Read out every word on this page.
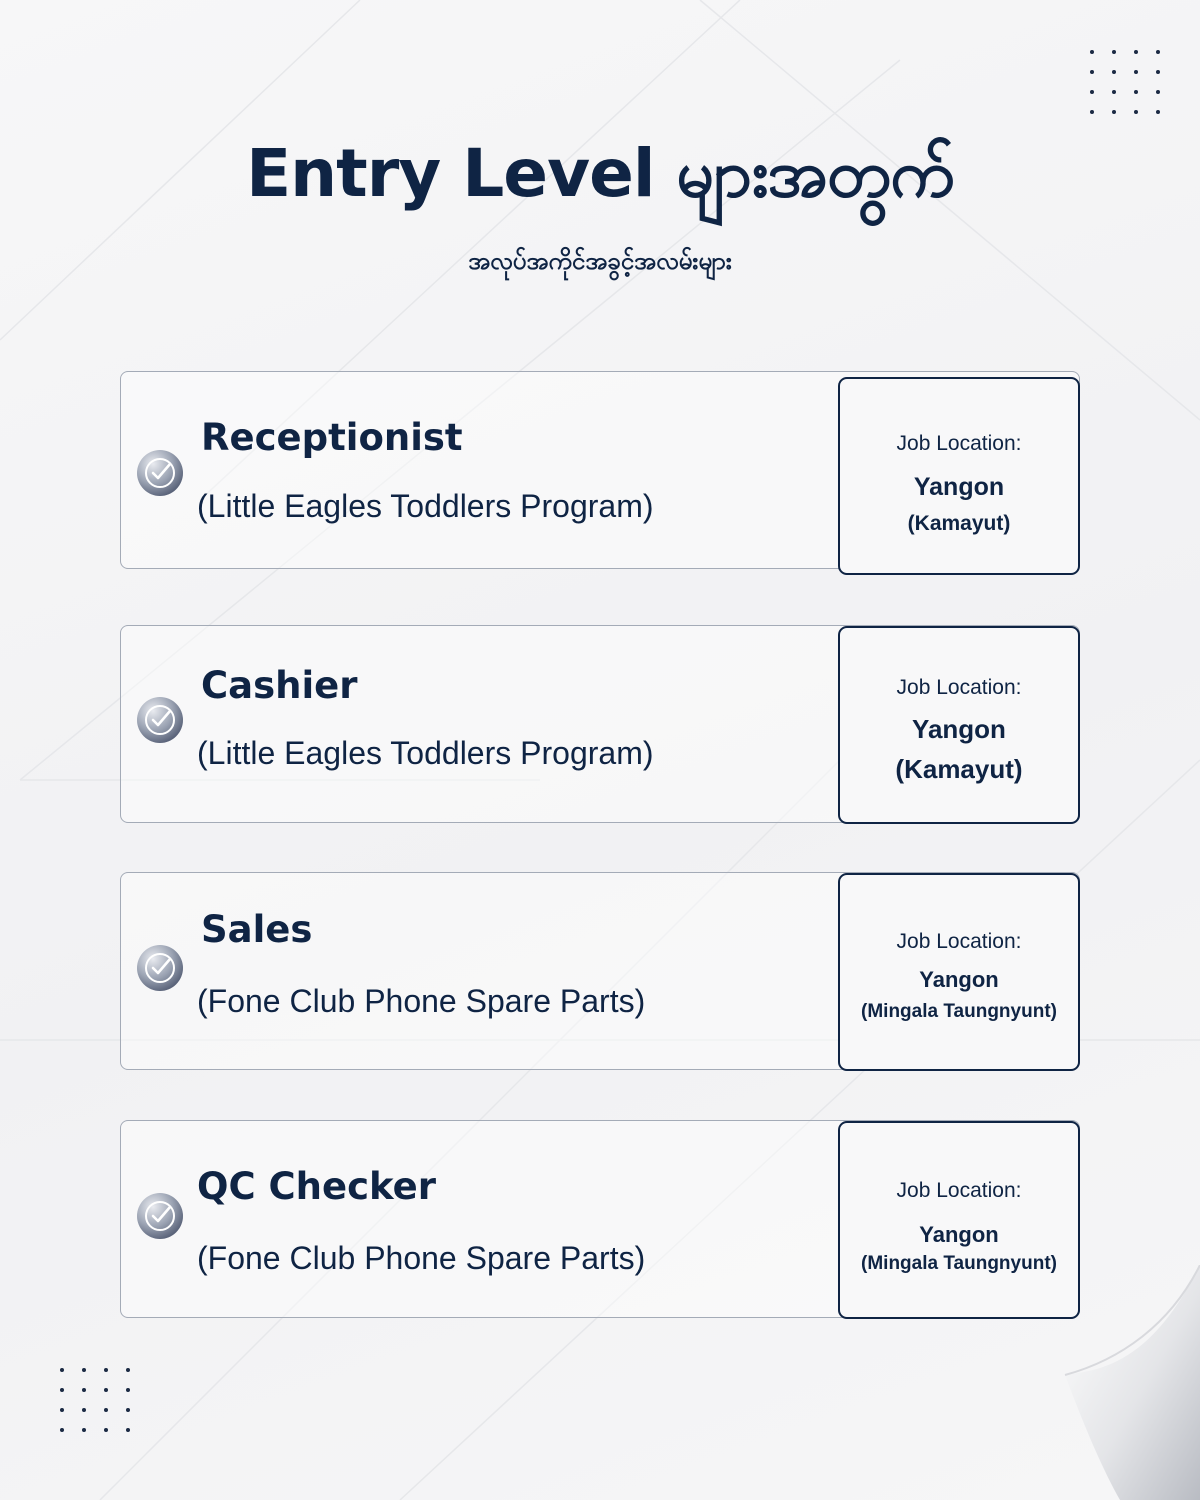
Entry Level များအတွက်
အလုပ်အကိုင်အခွင့်အလမ်းများ
Receptionist
(Little Eagles Toddlers Program)
Job Location:
Yangon
(Kamayut)
Cashier
(Little Eagles Toddlers Program)
Job Location:
Yangon
(Kamayut)
Sales
(Fone Club Phone Spare Parts)
Job Location:
Yangon
(Mingala Taungnyunt)
QC Checker
(Fone Club Phone Spare Parts)
Job Location:
Yangon
(Mingala Taungnyunt)
